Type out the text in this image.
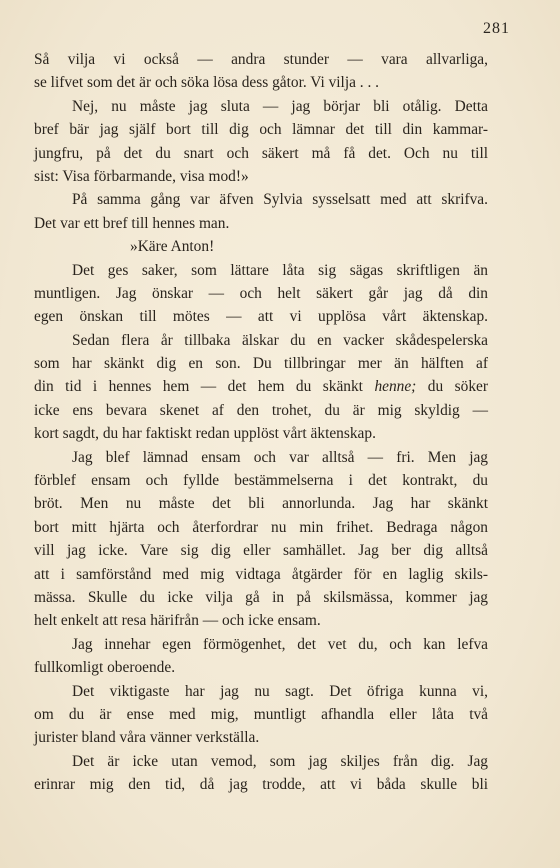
281
Så vilja vi också — andra stunder — vara allvarliga,
se lifvet som det är och söka lösa dess gåtor. Vi vilja . . .
Nej, nu måste jag sluta — jag börjar bli otålig. Detta
bref bär jag själf bort till dig och lämnar det till din kammar-
jungfru, på det du snart och säkert må få det. Och nu till
sist: Visa förbarmande, visa mod!»
På samma gång var äfven Sylvia sysselsatt med att skrifva.
Det var ett bref till hennes man.
»Käre Anton!
Det ges saker, som lättare låta sig sägas skriftligen än
muntligen. Jag önskar — och helt säkert går jag då din
egen önskan till mötes — att vi upplösa vårt äktenskap.
Sedan flera år tillbaka älskar du en vacker skådespelerska
som har skänkt dig en son. Du tillbringar mer än hälften af
din tid i hennes hem — det hem du skänkt henne; du söker
icke ens bevara skenet af den trohet, du är mig skyldig —
kort sagdt, du har faktiskt redan upplöst vårt äktenskap.
Jag blef lämnad ensam och var alltså — fri. Men jag
förblef ensam och fyllde bestämmelserna i det kontrakt, du
bröt. Men nu måste det bli annorlunda. Jag har skänkt
bort mitt hjärta och återfordrar nu min frihet. Bedraga någon
vill jag icke. Vare sig dig eller samhället. Jag ber dig alltså
att i samförstånd med mig vidtaga åtgärder för en laglig skils-
mässa. Skulle du icke vilja gå in på skilsmässa, kommer jag
helt enkelt att resa härifrån — och icke ensam.
Jag innehar egen förmögenhet, det vet du, och kan lefva
fullkomligt oberoende.
Det viktigaste har jag nu sagt. Det öfriga kunna vi,
om du är ense med mig, muntligt afhandla eller låta två
jurister bland våra vänner verkställa.
Det är icke utan vemod, som jag skiljes från dig. Jag
erinrar mig den tid, då jag trodde, att vi båda skulle bli
